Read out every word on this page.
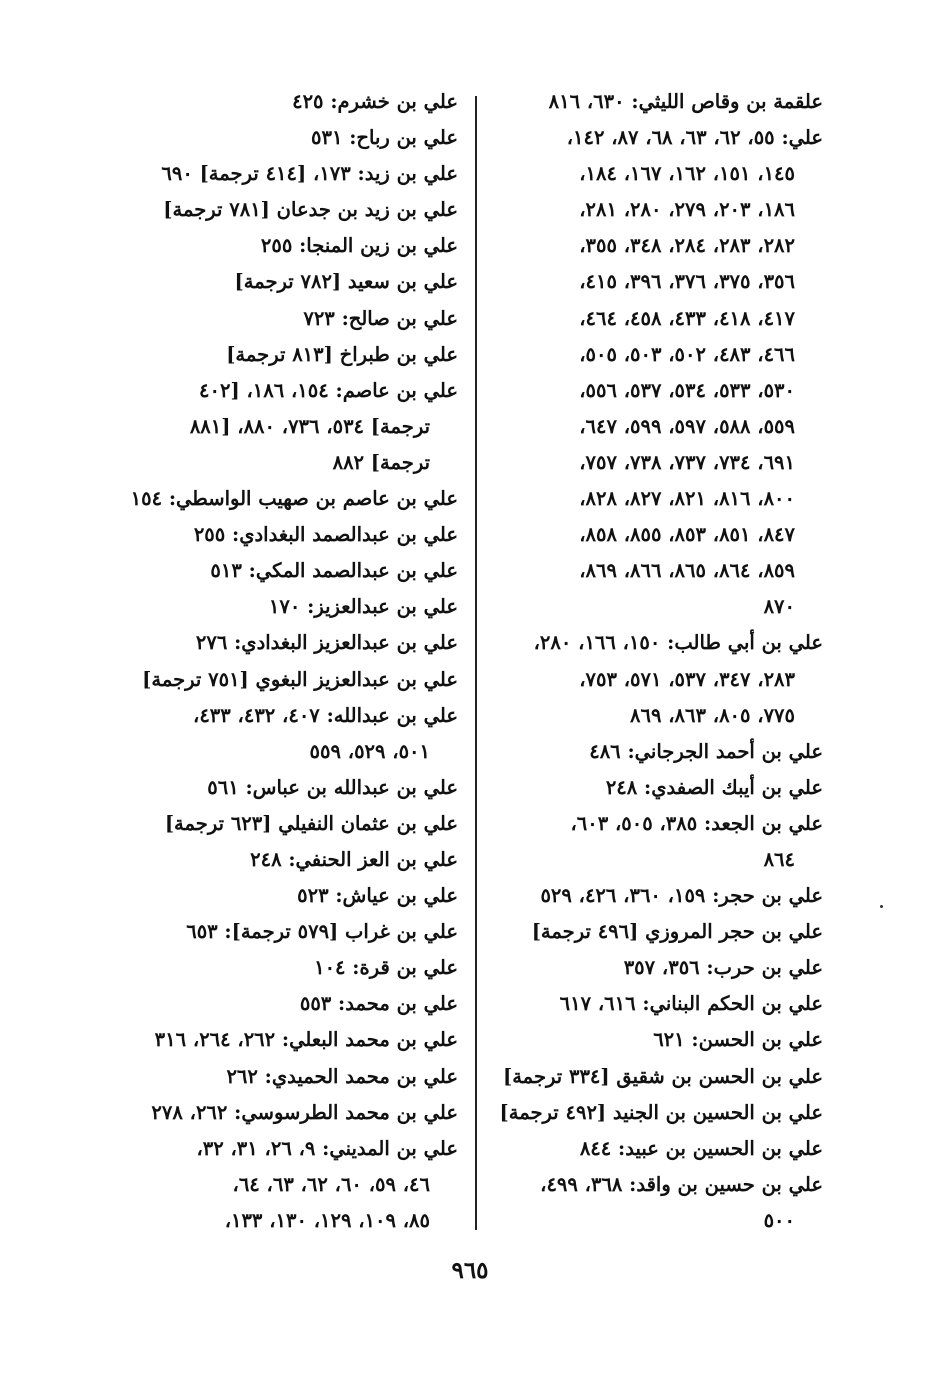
علقمة بن وقاص الليثي: ٦٣٠، ٨١٦
علي: ٥٥، ٦٢، ٦٣، ٦٨، ٨٧، ١٤٢،
١٤٥، ١٥١، ١٦٢، ١٦٧، ١٨٤،
١٨٦، ٢٠٣، ٢٧٩، ٢٨٠، ٢٨١،
٢٨٢، ٢٨٣، ٢٨٤، ٣٤٨، ٣٥٥،
٣٥٦، ٣٧٥، ٣٧٦، ٣٩٦، ٤١٥،
٤١٧، ٤١٨، ٤٣٣، ٤٥٨، ٤٦٤،
٤٦٦، ٤٨٣، ٥٠٢، ٥٠٣، ٥٠٥،
٥٣٠، ٥٣٣، ٥٣٤، ٥٣٧، ٥٥٦،
٥٥٩، ٥٨٨، ٥٩٧، ٥٩٩، ٦٤٧،
٦٩١، ٧٣٤، ٧٣٧، ٧٣٨، ٧٥٧،
٨٠٠، ٨١٦، ٨٢١، ٨٢٧، ٨٢٨،
٨٤٧، ٨٥١، ٨٥٣، ٨٥٥، ٨٥٨،
٨٥٩، ٨٦٤، ٨٦٥، ٨٦٦، ٨٦٩،
٨٧٠
علي بن أبي طالب: ١٥٠، ١٦٦، ٢٨٠،
٢٨٣، ٣٤٧، ٥٣٧، ٥٧١، ٧٥٣،
٧٧٥، ٨٠٥، ٨٦٣، ٨٦٩
علي بن أحمد الجرجاني: ٤٨٦
علي بن أيبك الصفدي: ٢٤٨
علي بن الجعد: ٣٨٥، ٥٠٥، ٦٠٣،
٨٦٤
علي بن حجر: ١٥٩، ٣٦٠، ٤٢٦، ٥٢٩
علي بن حجر المروزي [٤٩٦ ترجمة]
علي بن حرب: ٣٥٦، ٣٥٧
علي بن الحكم البناني: ٦١٦، ٦١٧
علي بن الحسن: ٦٢١
علي بن الحسن بن شقيق [٣٣٤ ترجمة]
علي بن الحسين بن الجنيد [٤٩٢ ترجمة]
علي بن الحسين بن عبيد: ٨٤٤
علي بن حسين بن واقد: ٣٦٨، ٤٩٩،
٥٠٠
علي بن خشرم: ٤٢٥
علي بن رباح: ٥٣١
علي بن زيد: ١٧٣، [٤١٤ ترجمة] ٦٩٠
علي بن زيد بن جدعان [٧٨١ ترجمة]
علي بن زين المنجا: ٢٥٥
علي بن سعيد [٧٨٢ ترجمة]
علي بن صالح: ٧٢٣
علي بن طبراخ [٨١٣ ترجمة]
علي بن عاصم: ١٥٤، ١٨٦، [٤٠٢
ترجمة] ٥٣٤، ٧٣٦، ٨٨٠، [٨٨١
ترجمة] ٨٨٢
علي بن عاصم بن صهيب الواسطي: ١٥٤
علي بن عبدالصمد البغدادي: ٢٥٥
علي بن عبدالصمد المكي: ٥١٣
علي بن عبدالعزيز: ١٧٠
علي بن عبدالعزيز البغدادي: ٢٧٦
علي بن عبدالعزيز البغوي [٧٥١ ترجمة]
علي بن عبدالله: ٤٠٧، ٤٣٢، ٤٣٣،
٥٠١، ٥٢٩، ٥٥٩
علي بن عبدالله بن عباس: ٥٦١
علي بن عثمان النفيلي [٦٢٣ ترجمة]
علي بن العز الحنفي: ٢٤٨
علي بن عياش: ٥٢٣
علي بن غراب [٥٧٩ ترجمة]: ٦٥٣
علي بن قرة: ١٠٤
علي بن محمد: ٥٥٣
علي بن محمد البعلي: ٢٦٢، ٢٦٤، ٣١٦
علي بن محمد الحميدي: ٢٦٢
علي بن محمد الطرسوسي: ٢٦٢، ٢٧٨
علي بن المديني: ٩، ٢٦، ٣١، ٣٢،
٤٦، ٥٩، ٦٠، ٦٢، ٦٣، ٦٤،
٨٥، ١٠٩، ١٢٩، ١٣٠، ١٣٣،
٩٦٥
